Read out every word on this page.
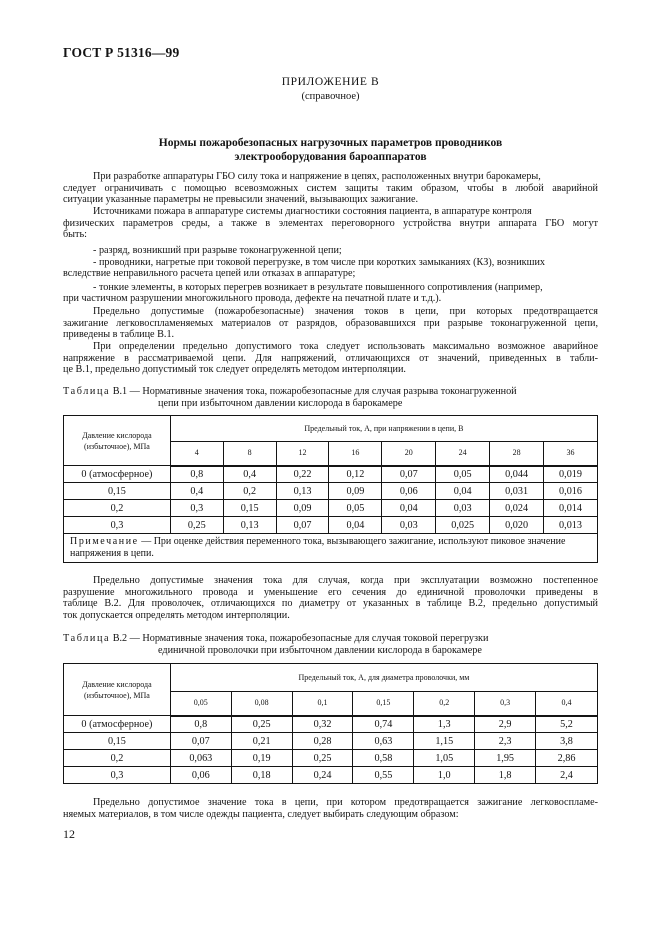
ГОСТ Р 51316—99
ПРИЛОЖЕНИЕ В
(справочное)
Нормы пожаробезопасных нагрузочных параметров проводников
электрооборудования бароаппаратов
При разработке аппаратуры ГБО силу тока и напряжение в цепях, расположенных внутри барокамеры,
следует ограничивать с помощью всевозможных систем защиты таким образом, чтобы в любой аварийной
ситуации указанные параметры не превысили значений, вызывающих зажигание.
Источниками пожара в аппаратуре системы диагностики состояния пациента, в аппаратуре контроля
физических параметров среды, а также в элементах переговорного устройства внутри аппарата ГБО могут
быть:
- разряд, возникший при разрыве токонагруженной цепи;
- проводники, нагретые при токовой перегрузке, в том числе при коротких замыканиях (КЗ), возникших
вследствие неправильного расчета цепей или отказах в аппаратуре;
- тонкие элементы, в которых перегрев возникает в результате повышенного сопротивления (например,
при частичном разрушении многожильного провода, дефекте на печатной плате и т.д.).
Предельно допустимые (пожаробезопасные) значения токов в цепи, при которых предотвращается
зажигание легковоспламеняемых материалов от разрядов, образовавшихся при разрыве токонагруженной цепи,
приведены в таблице В.1.
При определении предельно допустимого тока следует использовать максимально возможное аварийное
напряжение в рассматриваемой цепи. Для напряжений, отличающихся от значений, приведенных в табли-
це В.1, предельно допустимый ток следует определять методом интерполяции.
Таблица В.1 — Нормативные значения тока, пожаробезопасные для случая разрыва токонагруженной
цепи при избыточном давлении кислорода в барокамере
Давление кислорода (избыточное), МПа	Предельный ток, А, при напряжении в цепи, В							
	4	8	12	16	20	24	28	36
0 (атмосферное)	0,8	0,4	0,22	0,12	0,07	0,05	0,044	0,019
0,15	0,4	0,2	0,13	0,09	0,06	0,04	0,031	0,016
0,2	0,3	0,15	0,09	0,05	0,04	0,03	0,024	0,014
0,3	0,25	0,13	0,07	0,04	0,03	0,025	0,020	0,013
Примечание — При оценке действия переменного тока, вызывающего зажигание, используют пиковое значение напряжения в цепи.								
Предельно допустимые значения тока для случая, когда при эксплуатации возможно постепенное
разрушение многожильного провода и уменьшение его сечения до единичной проволочки приведены в
таблице В.2. Для проволочек, отличающихся по диаметру от указанных в таблице В.2, предельно допустимый
ток допускается определять методом интерполяции.
Таблица В.2 — Нормативные значения тока, пожаробезопасные для случая токовой перегрузки
единичной проволочки при избыточном давлении кислорода в барокамере
Давление кислорода (избыточное), МПа	Предельный ток, А, для диаметра проволочки, мм						
	0,05	0,08	0,1	0,15	0,2	0,3	0,4
0 (атмосферное)	0,8	0,25	0,32	0,74	1,3	2,9	5,2
0,15	0,07	0,21	0,28	0,63	1,15	2,3	3,8
0,2	0,063	0,19	0,25	0,58	1,05	1,95	2,86
0,3	0,06	0,18	0,24	0,55	1,0	1,8	2,4
Предельно допустимое значение тока в цепи, при котором предотвращается зажигание легковоспламе-
няемых материалов, в том числе одежды пациента, следует выбирать следующим образом:
12
